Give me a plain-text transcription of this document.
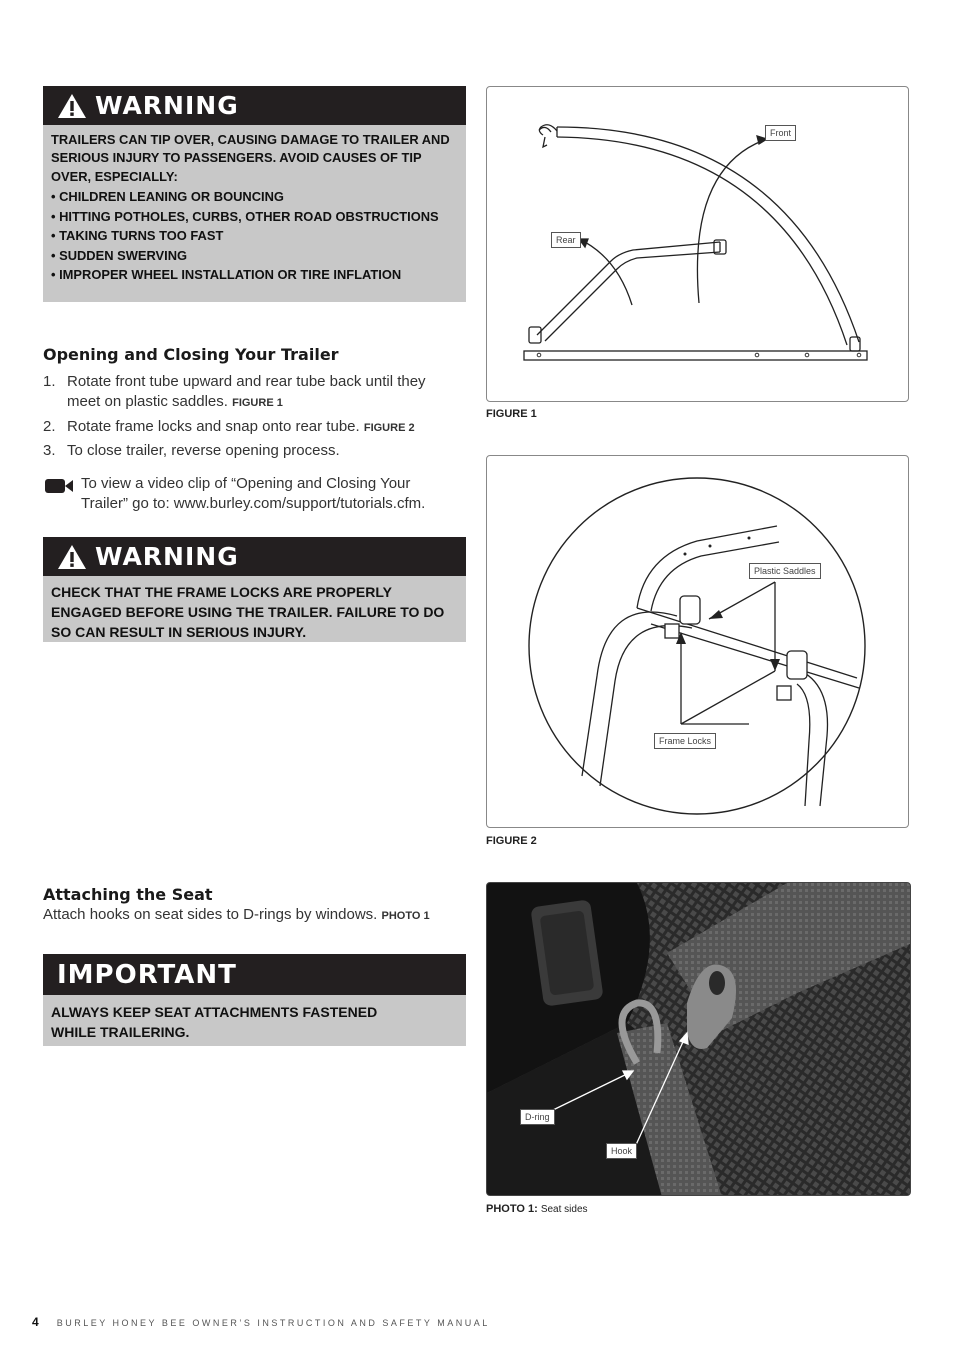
WARNING

TRAILERS CAN TIP OVER, CAUSING DAMAGE TO TRAILER AND SERIOUS INJURY TO PASSENGERS. AVOID CAUSES OF TIP OVER, ESPECIALLY:

• CHILDREN LEANING OR BOUNCING

• HITTING POTHOLES, CURBS, OTHER ROAD OBSTRUCTIONS

• TAKING TURNS TOO FAST

• SUDDEN SWERVING

• IMPROPER WHEEL INSTALLATION OR TIRE INFLATION

Opening and Closing Your Trailer
1. Rotate front tube upward and rear tube back until they meet on plastic saddles. FIGURE 1
2. Rotate frame locks and snap onto rear tube. FIGURE 2
3. To close trailer, reverse opening process.
To view a video clip of “Opening and Closing Your Trailer” go to: www.burley.com/support/tutorials.cfm.
WARNING

CHECK THAT THE FRAME LOCKS ARE PROPERLY ENGAGED BEFORE USING THE TRAILER. FAILURE TO DO SO CAN RESULT IN SERIOUS INJURY.

Attaching the Seat
Attach hooks on seat sides to D-rings by windows. PHOTO 1
IMPORTANT

ALWAYS KEEP SEAT ATTACHMENTS FASTENED

WHILE TRAILERING.

Front
Rear
FIGURE 1
Plastic Saddles
Frame Locks
FIGURE 2
D-ring
Hook
PHOTO 1: Seat sides
4 BURLEY HONEY BEE OWNER’S INSTRUCTION AND SAFETY MANUAL
